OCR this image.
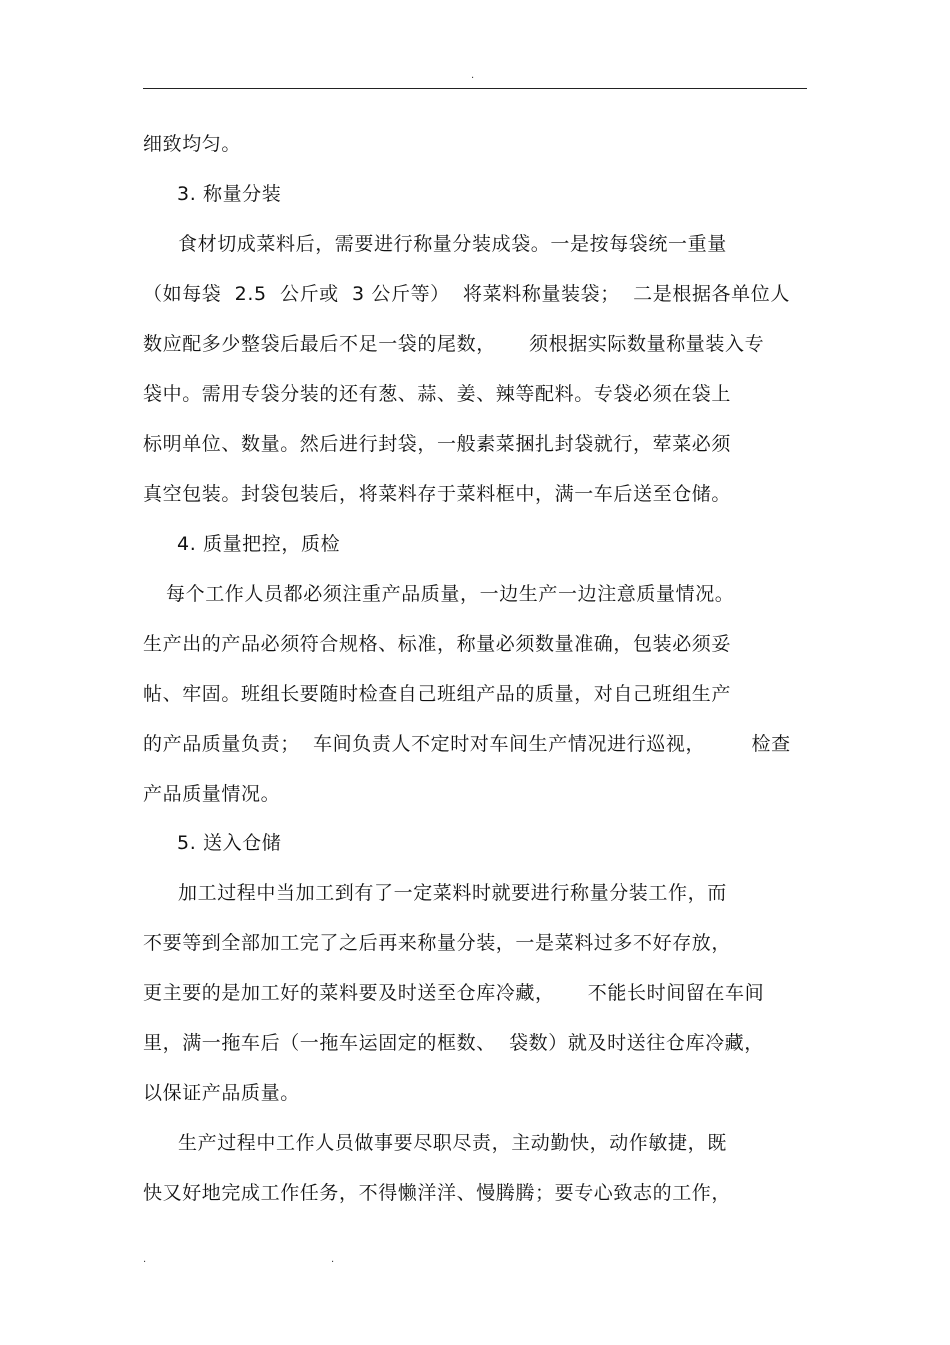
.
细致均匀。
3. 称量分装
食材切成菜料后，需要进行称量分装成袋。一是按每袋统一重量
（如每袋  2.5  公斤或  3 公斤等）  将菜料称量装袋；  二是根据各单位人
数应配多少整袋后最后不足一袋的尾数，     须根据实际数量称量装入专
袋中。需用专袋分装的还有葱、蒜、姜、辣等配料。专袋必须在袋上
标明单位、数量。然后进行封袋，一般素菜捆扎封袋就行，荤菜必须
真空包装。封袋包装后，将菜料存于菜料框中，满一车后送至仓储。
4. 质量把控，质检
每个工作人员都必须注重产品质量，一边生产一边注意质量情况。
生产出的产品必须符合规格、标准，称量必须数量准确，包装必须妥
帖、牢固。班组长要随时检查自己班组产品的质量，对自己班组生产
的产品质量负责；  车间负责人不定时对车间生产情况进行巡视，       检查
产品质量情况。
5. 送入仓储
加工过程中当加工到有了一定菜料时就要进行称量分装工作，而
不要等到全部加工完了之后再来称量分装，一是菜料过多不好存放，
更主要的是加工好的菜料要及时送至仓库冷藏，     不能长时间留在车间
里，满一拖车后（一拖车运固定的框数、  袋数）就及时送往仓库冷藏，
以保证产品质量。
生产过程中工作人员做事要尽职尽责，主动勤快，动作敏捷，既
快又好地完成工作任务，不得懒洋洋、慢腾腾；要专心致志的工作，
.	.
